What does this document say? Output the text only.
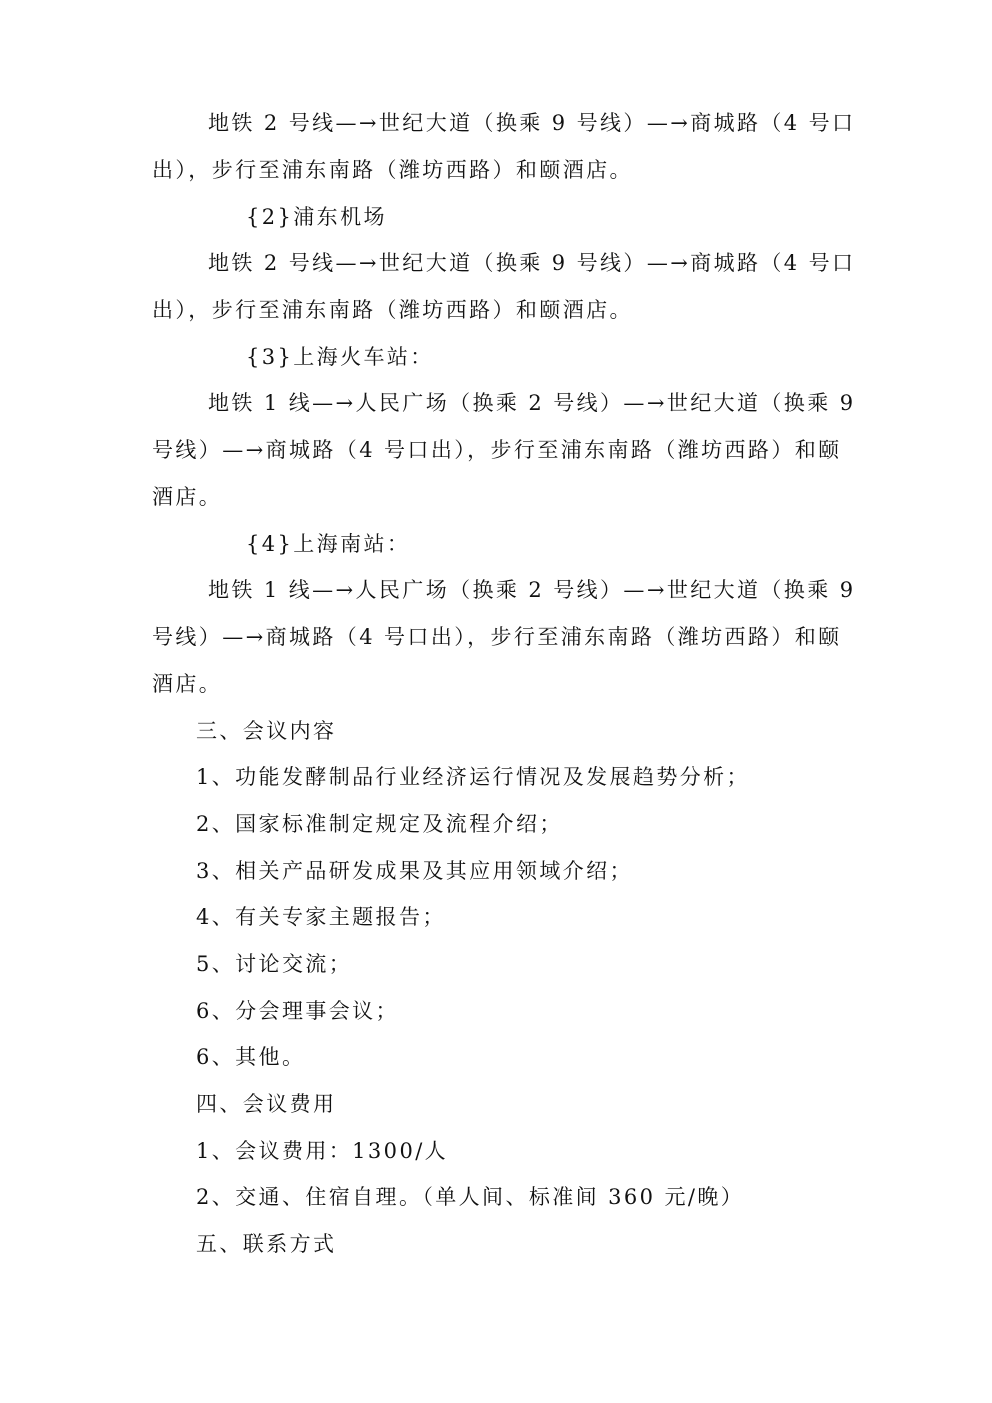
地铁 2 号线—→世纪大道（换乘 9 号线）—→商城路（4 号口
出），步行至浦东南路（潍坊西路）和颐酒店。
{2}浦东机场
地铁 2 号线—→世纪大道（换乘 9 号线）—→商城路（4 号口
出），步行至浦东南路（潍坊西路）和颐酒店。
{3}上海火车站：
地铁 1 线—→人民广场（换乘 2 号线）—→世纪大道（换乘 9
号线）—→商城路（4 号口出），步行至浦东南路（潍坊西路）和颐
酒店。
{4}上海南站：
地铁 1 线—→人民广场（换乘 2 号线）—→世纪大道（换乘 9
号线）—→商城路（4 号口出），步行至浦东南路（潍坊西路）和颐
酒店。
三、会议内容
1、功能发酵制品行业经济运行情况及发展趋势分析；
2、国家标准制定规定及流程介绍；
3、相关产品研发成果及其应用领域介绍；
4、有关专家主题报告；
5、讨论交流；
6、分会理事会议；
6、其他。
四、会议费用
1、会议费用：1300/人
2、交通、住宿自理。（单人间、标准间 360 元/晚）
五、联系方式
